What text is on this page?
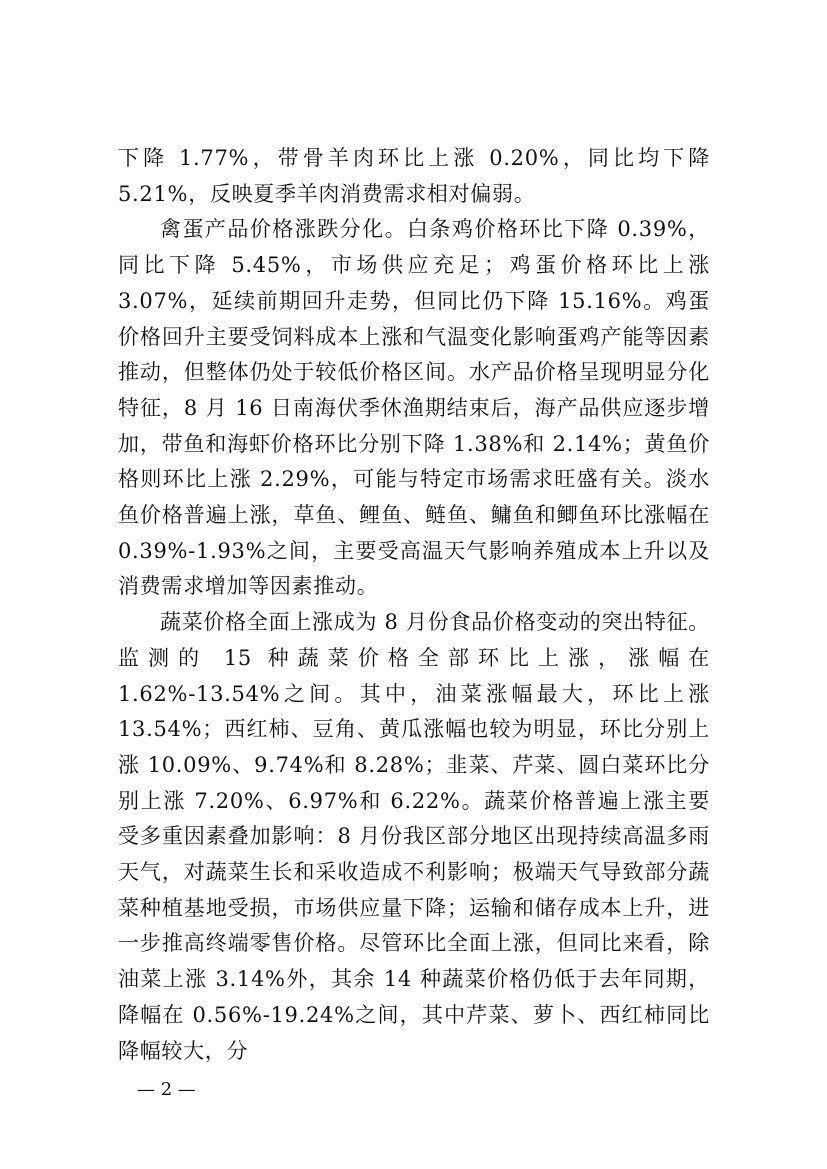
下降 1.77%，带骨羊肉环比上涨 0.20%，同比均下降 5.21%，反映夏季羊肉消费需求相对偏弱。

禽蛋产品价格涨跌分化。白条鸡价格环比下降 0.39%，同比下降 5.45%，市场供应充足；鸡蛋价格环比上涨 3.07%，延续前期回升走势，但同比仍下降 15.16%。鸡蛋价格回升主要受饲料成本上涨和气温变化影响蛋鸡产能等因素推动，但整体仍处于较低价格区间。水产品价格呈现明显分化特征，8 月 16 日南海伏季休渔期结束后，海产品供应逐步增加，带鱼和海虾价格环比分别下降 1.38%和 2.14%；黄鱼价格则环比上涨 2.29%，可能与特定市场需求旺盛有关。淡水鱼价格普遍上涨，草鱼、鲤鱼、鲢鱼、鳙鱼和鲫鱼环比涨幅在 0.39%-1.93%之间，主要受高温天气影响养殖成本上升以及消费需求增加等因素推动。

蔬菜价格全面上涨成为 8 月份食品价格变动的突出特征。监测的 15 种蔬菜价格全部环比上涨，涨幅在 1.62%-13.54%之间。其中，油菜涨幅最大，环比上涨 13.54%；西红柿、豆角、黄瓜涨幅也较为明显，环比分别上涨 10.09%、9.74%和 8.28%；韭菜、芹菜、圆白菜环比分别上涨 7.20%、6.97%和 6.22%。蔬菜价格普遍上涨主要受多重因素叠加影响：8 月份我区部分地区出现持续高温多雨天气，对蔬菜生长和采收造成不利影响；极端天气导致部分蔬菜种植基地受损，市场供应量下降；运输和储存成本上升，进一步推高终端零售价格。尽管环比全面上涨，但同比来看，除油菜上涨 3.14%外，其余 14 种蔬菜价格仍低于去年同期，降幅在 0.56%-19.24%之间，其中芹菜、萝卜、西红柿同比降幅较大，分

— 2 —
